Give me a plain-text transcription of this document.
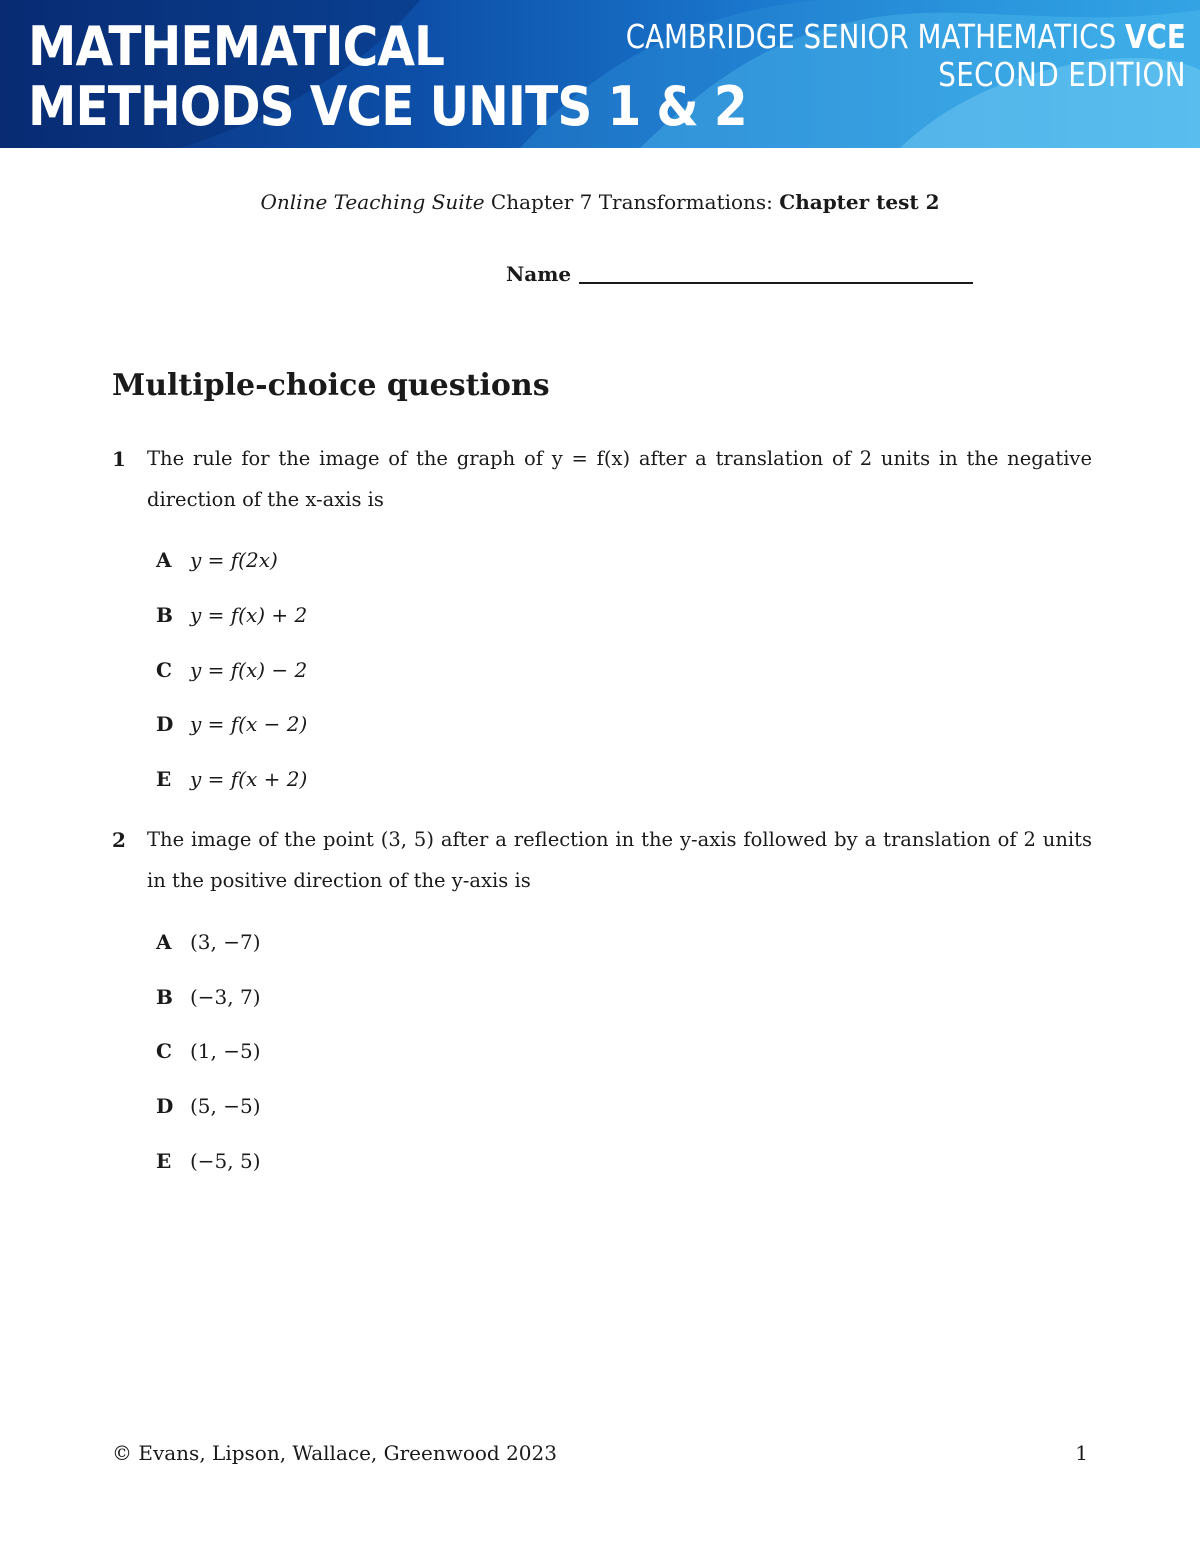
MATHEMATICAL
METHODS VCE UNITS 1 & 2
CAMBRIDGE SENIOR MATHEMATICS VCE
SECOND EDITION
Online Teaching Suite Chapter 7 Transformations: Chapter test 2
Name
Multiple-choice questions
1 The rule for the image of the graph of y = f(x) after a translation of 2 units in the negative direction of the x-axis is
A y = f(2x)
B y = f(x) + 2
C y = f(x) − 2
D y = f(x − 2)
E y = f(x + 2)
2 The image of the point (3, 5) after a reflection in the y-axis followed by a translation of 2 units in the positive direction of the y-axis is
A (3, −7)
B (−3, 7)
C (1, −5)
D (5, −5)
E (−5, 5)
© Evans, Lipson, Wallace, Greenwood 2023	1
